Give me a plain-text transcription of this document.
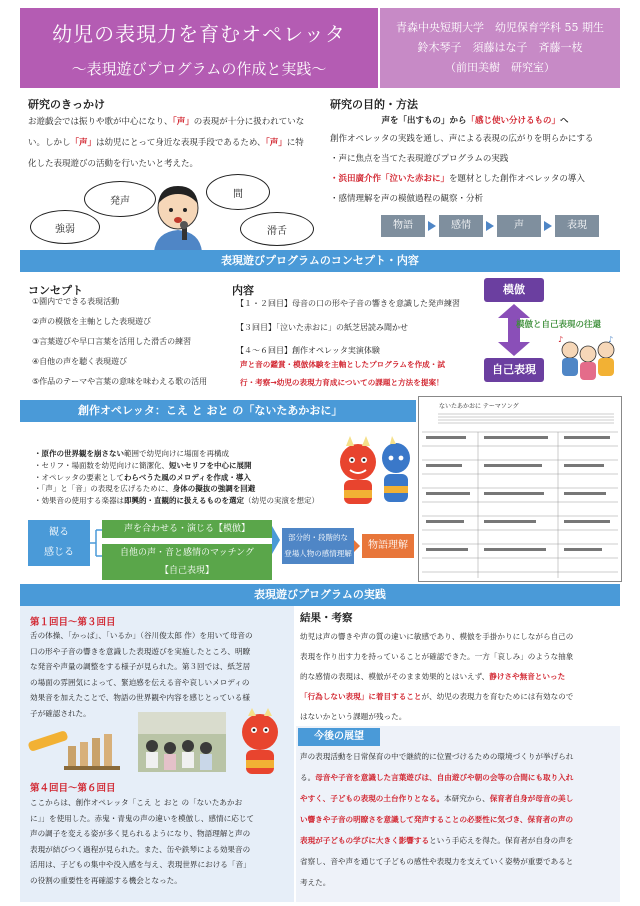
幼児の表現力を育むオペレッタ
〜表現遊びプログラムの作成と実践〜
青森中央短期大学　幼児保育学科 55 期生
鈴木琴子　須藤はな子　斉藤一枝
（前田美樹　研究室）
研究のきっかけ
お遊戯会では振りや歌が中心になり、「声」の表現が十分に扱われていな
い。しかし「声」は幼児にとって身近な表現手段であるため、「声」に特
化した表現遊びの活動を行いたいと考えた。
発声
間
強弱	滑舌
研究の目的・方法
声を「出すもの」から「感じ使い分けるもの」へ
創作オペレッタの実践を通し、声による表現の広がりを明らかにする
・声に焦点を当てた表現遊びプログラムの実践
・浜田廣介作「泣いた赤おに」を題材とした創作オペレッタの導入
・感情理解を声の模倣過程の観察・分析
物語	感情	声	表現
表現遊びプログラムのコンセプト・内容
コンセプト
①園内でできる表現活動
②声の模倣を主軸とした表現遊び
③言葉遊びや早口言葉を活用した滑舌の練習
④自他の声を聴く表現遊び
⑤作品のテーマや言葉の意味を味わえる歌の活用
内容
【１・２回目】母音の口の形や子音の響きを意識した発声練習
【３回目】「泣いた赤おに」の紙芝居読み聞かせ
【４〜６回目】創作オペレッタ実演体験
声と音の鑑賞・模倣体験を主軸としたプログラムを作成・試
行・考察→幼児の表現力育成についての課題と方法を提案！
模倣
自己表現
模倣と自己表現の往還
♪	♪
創作オペレッタ：こえ と おと の「ないたあかおに」
・原作の世界観を崩さない範囲で幼児向けに場面を再構成
・セリフ・場面数を幼児向けに簡潔化、短いセリフを中心に展開
・オペレッタの要素としてわらべうた風のメロディを作成・導入
・「声」と「音」の表現を広げるために、身体の擬抜の強調を回避
・効果音の使用する楽器は即興的・直観的に扱えるものを選定（幼児の実演を想定）
観る
感じる
声を合わせる・演じる【模倣】
自他の声・音と感情のマッチング
【自己表現】
部分的・段階的な
登場人物の感情理解
物語理解
ないたあかおに テーマソング
表現遊びプログラムの実践
第１回目〜第３回目
舌の体操、「かっぱ」、「いるか」（谷川俊太郎 作）を用いて母音の
口の形や子音の響きを意識した表現遊びを実施したところ、明瞭
な発音や声量の調整をする様子が見られた。第３回では、紙芝居
の場面の雰囲気によって、緊迫感を伝える音や哀しいメロディの
効果音を加えたことで、物語の世界観や内容を感じとっている様
子が確認された。
第４回目〜第６回目
ここからは、創作オペレッタ「こえ と おと の「ないたあかお
に」」を使用した。赤鬼・青鬼の声の違いを模倣し、感情に応じて
声の調子を変える姿が多く見られるようになり、物語理解と声の
表現が結びつく過程が見られた。また、缶や鉄琴による効果音の
活用は、子どもの集中や没入感を与え、表現世界における「音」
の役割の重要性を再確認する機会となった。
結果・考察
幼児は声の響きや声の質の違いに敏感であり、模倣を手掛かりにしながら自己の
表現を作り出す力を持っていることが確認できた。一方「哀しみ」のような抽象
的な感情の表現は、模倣がそのまま効果的とはいえず、静けさや無音といった
「行為しない表現」に着目することが、幼児の表現力を育むためには有効なので
はないかという課題が残った。
今後の展望
声の表現活動を日常保育の中で継続的に位置づけるための環境づくりが挙げられ
る。母音や子音を意識した言葉遊びは、自由遊びや朝の会等の合間にも取り入れ
やすく、子どもの表現の土台作りとなる。本研究から、保育者自身が母音の美し
い響きや子音の明瞭さを意識して発声することの必要性に気づき、保育者の声の
表現が子どもの学びに大きく影響するという手応えを得た。保育者が自身の声を
省察し、音や声を通じて子どもの感性や表現力を支えていく姿勢が重要であると
考えた。
